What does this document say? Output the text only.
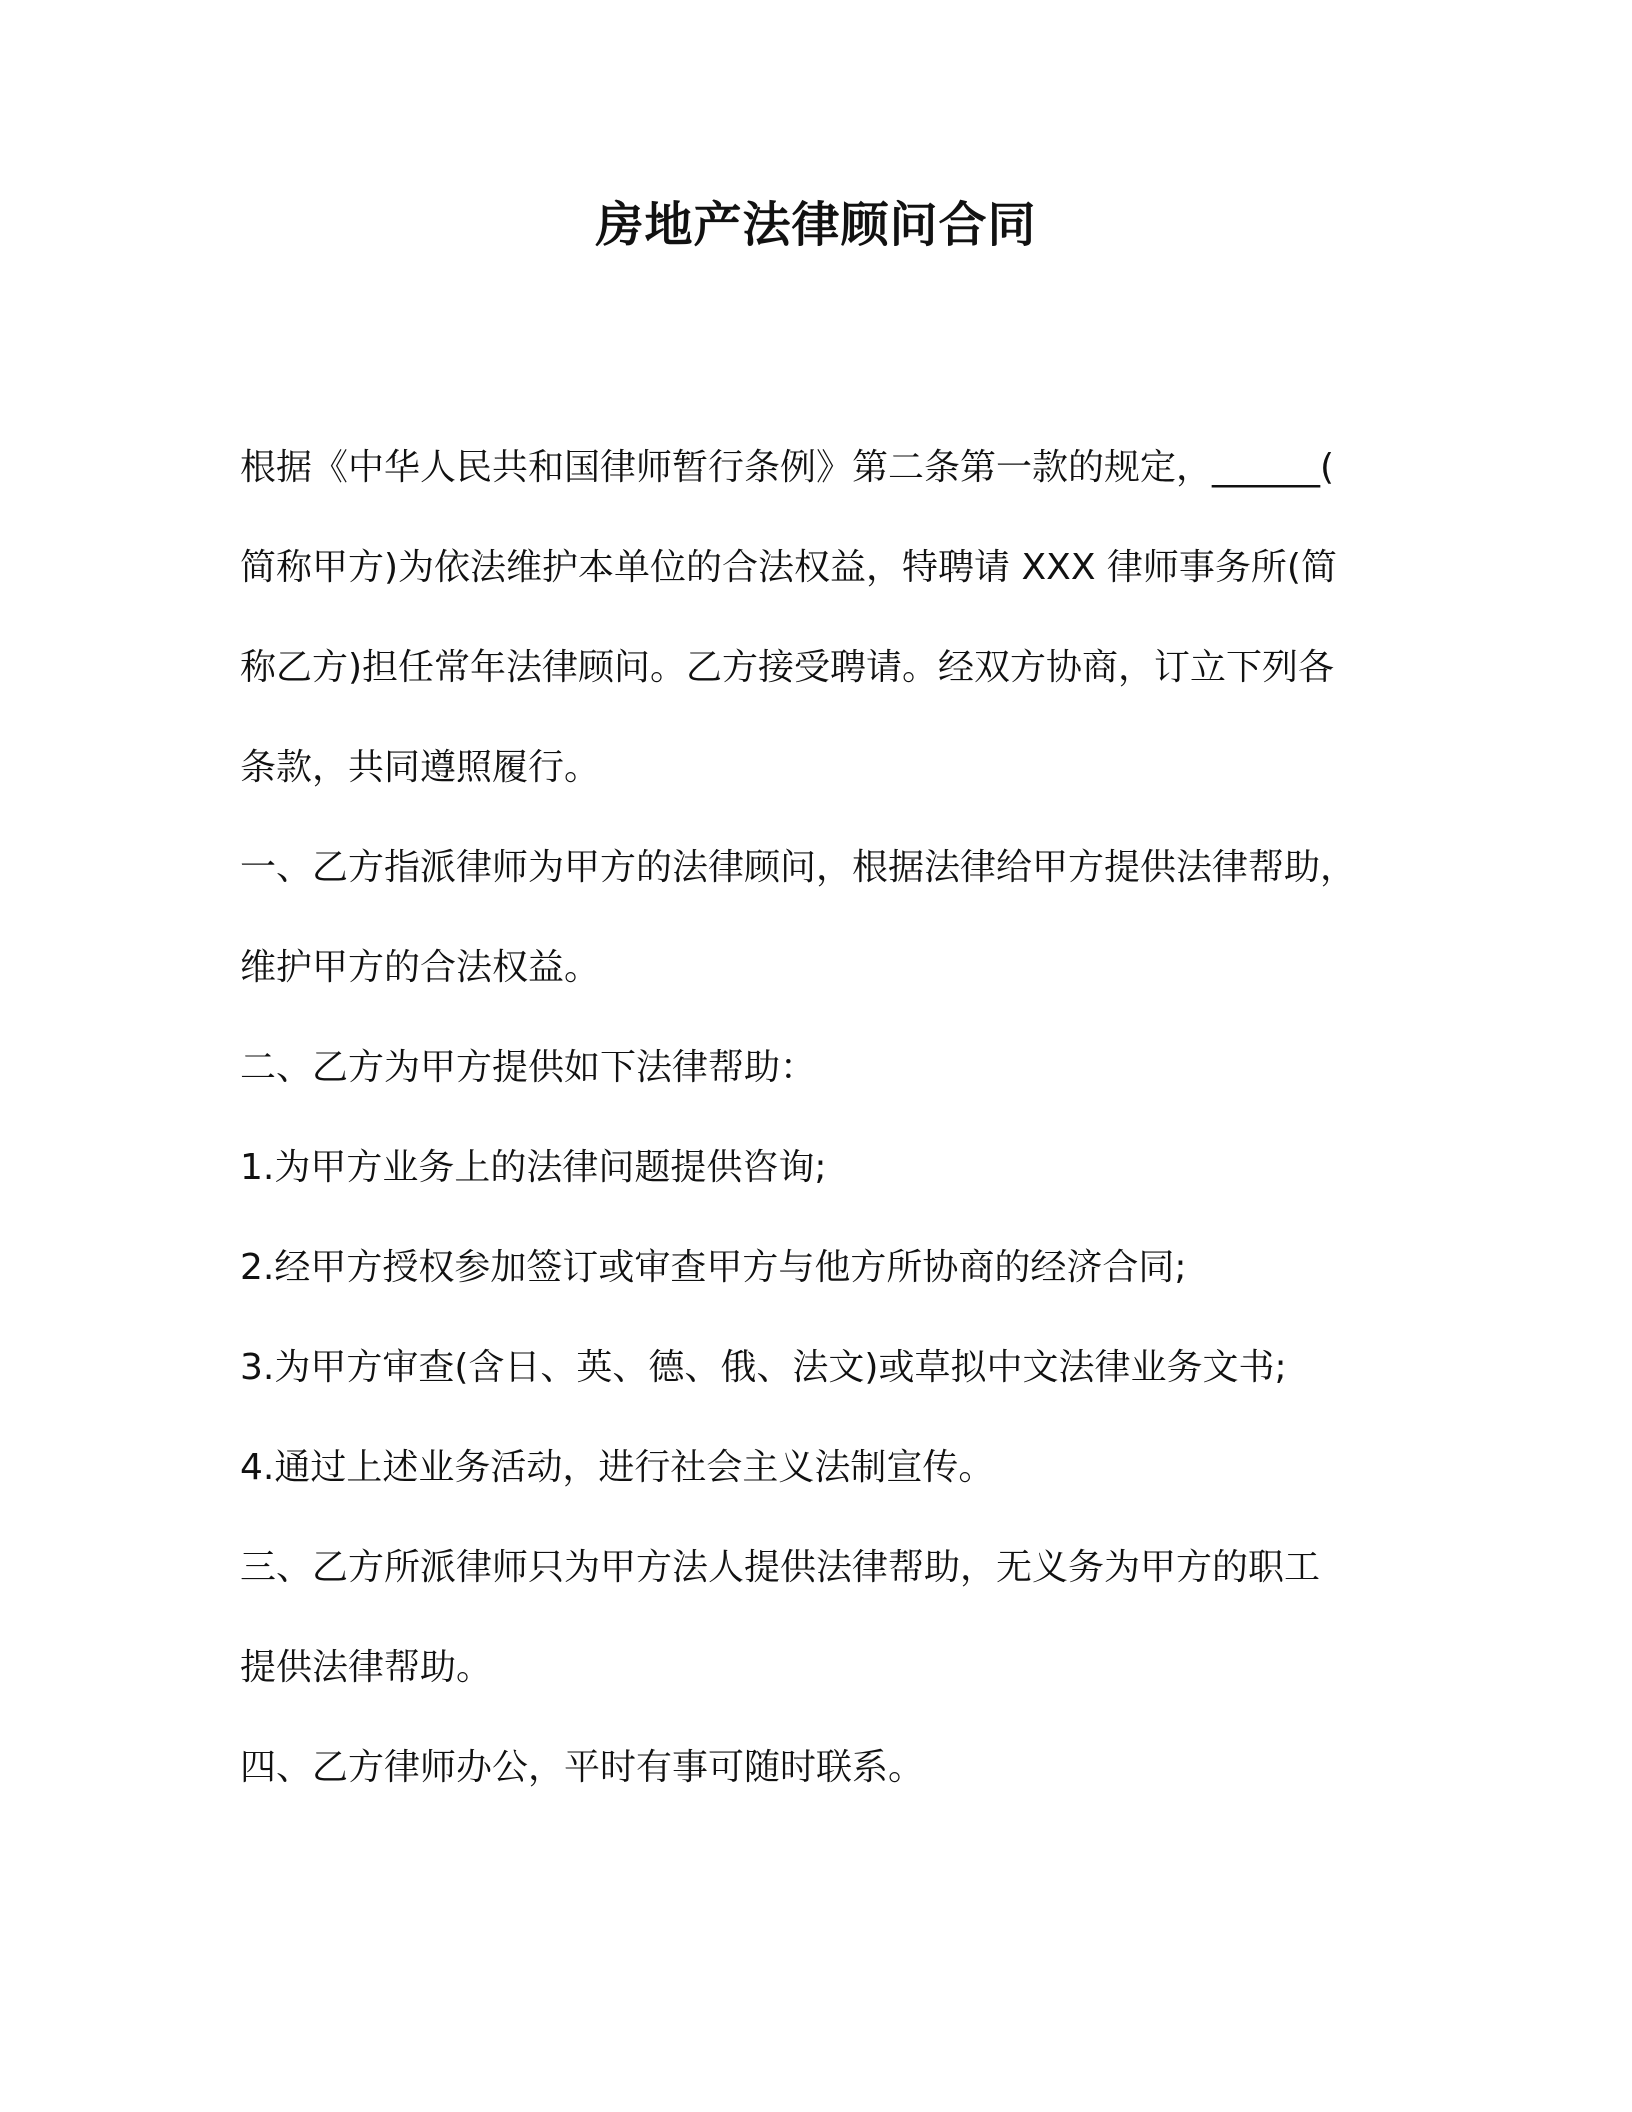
房地产法律顾问合同

根据《中华人民共和国律师暂行条例》第二条第一款的规定，______(

简称甲方)为依法维护本单位的合法权益，特聘请 XXX 律师事务所(简

称乙方)担任常年法律顾问。乙方接受聘请。经双方协商，订立下列各

条款，共同遵照履行。

一、乙方指派律师为甲方的法律顾问，根据法律给甲方提供法律帮助，

维护甲方的合法权益。

二、乙方为甲方提供如下法律帮助：

1.为甲方业务上的法律问题提供咨询;

2.经甲方授权参加签订或审查甲方与他方所协商的经济合同;

3.为甲方审查(含日、英、德、俄、法文)或草拟中文法律业务文书;

4.通过上述业务活动，进行社会主义法制宣传。

三、乙方所派律师只为甲方法人提供法律帮助，无义务为甲方的职工

提供法律帮助。

四、乙方律师办公，平时有事可随时联系。
